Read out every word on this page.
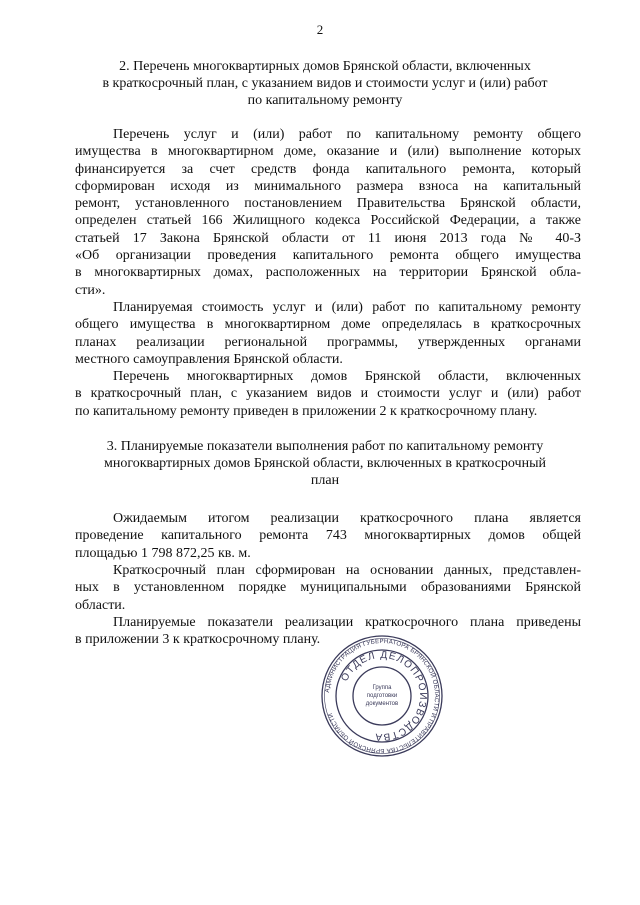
2
2. Перечень многоквартирных домов Брянской области, включенных
в краткосрочный план, с указанием видов и стоимости услуг и (или) работ
по капитальному ремонту
Перечень услуг и (или) работ по капитальному ремонту общего
имущества в многоквартирном доме, оказание и (или) выполнение которых
финансируется за счет средств фонда капитального ремонта, который
сформирован исходя из минимального размера взноса на капитальный
ремонт, установленного постановлением Правительства Брянской области,
определен статьей 166 Жилищного кодекса Российской Федерации, а также
статьей 17 Закона Брянской области от 11 июня 2013 года № 40-З
«Об организации проведения капитального ремонта общего имущества
в многоквартирных домах, расположенных на территории Брянской обла-
сти».
Планируемая стоимость услуг и (или) работ по капитальному ремонту
общего имущества в многоквартирном доме определялась в краткосрочных
планах реализации региональной программы, утвержденных органами
местного самоуправления Брянской области.
Перечень многоквартирных домов Брянской области, включенных
в краткосрочный план, с указанием видов и стоимости услуг и (или) работ
по капитальному ремонту приведен в приложении 2 к краткосрочному плану.
3. Планируемые показатели выполнения работ по капитальному ремонту
многоквартирных домов Брянской области, включенных в краткосрочный
план
Ожидаемым итогом реализации краткосрочного плана является
проведение капитального ремонта 743 многоквартирных домов общей
площадью 1 798 872,25 кв. м.
Краткосрочный план сформирован на основании данных, представлен-
ных в установленном порядке муниципальными образованиями Брянской
области.
Планируемые показатели реализации краткосрочного плана приведены
в приложении 3 к краткосрочному плану.
АДМИНИСТРАЦИЯ ГУБЕРНАТОРА БРЯНСКОЙ ОБЛАСТИ И ПРАВИТЕЛЬСТВА БРЯНСКОЙ ОБЛАСТИ
ОТДЕЛ ДЕЛОПРОИЗВОДСТВА
Группа
подготовки
документов
